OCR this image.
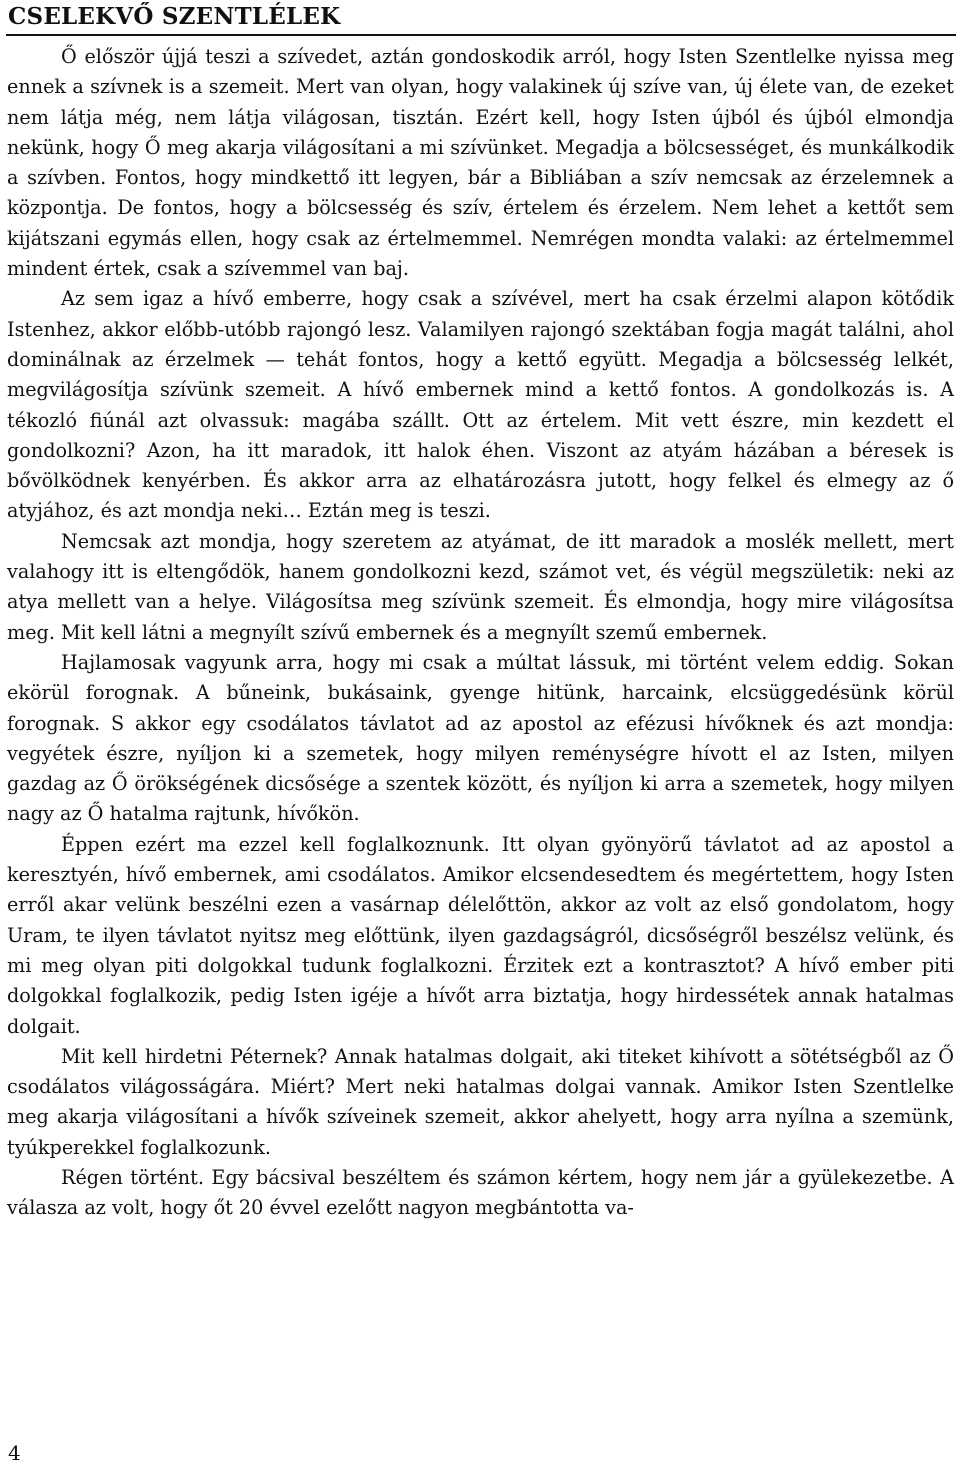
CSELEKVŐ SZENTLÉLEK

Ő először újjá teszi a szívedet, aztán gondoskodik arról, hogy Isten Szentlelke nyissa meg ennek a szívnek is a szemeit. Mert van olyan, hogy valakinek új szíve van, új élete van, de ezeket nem látja még, nem látja világosan, tisztán. Ezért kell, hogy Isten újból és újból elmondja nekünk, hogy Ő meg akarja világosítani a mi szívünket. Megadja a bölcsességet, és munkálkodik a szívben. Fontos, hogy mindkettő itt legyen, bár a Bibliában a szív nemcsak az érzelemnek a központja. De fontos, hogy a bölcsesség és szív, értelem és érzelem. Nem lehet a kettőt sem kijátszani egymás ellen, hogy csak az értelmemmel. Nemrégen mondta valaki: az értelmemmel mindent értek, csak a szívemmel van baj.

Az sem igaz a hívő emberre, hogy csak a szívével, mert ha csak érzelmi alapon kötődik Istenhez, akkor előbb-utóbb rajongó lesz. Valamilyen rajongó szektában fogja magát találni, ahol dominálnak az érzelmek — tehát fontos, hogy a kettő együtt. Megadja a bölcsesség lelkét, megvilágosítja szívünk szemeit. A hívő embernek mind a kettő fontos. A gondolkozás is. A tékozló fiúnál azt olvassuk: magába szállt. Ott az értelem. Mit vett észre, min kezdett el gondolkozni? Azon, ha itt maradok, itt halok éhen. Viszont az atyám házában a béresek is bővölködnek kenyérben. És akkor arra az elhatározásra jutott, hogy felkel és elmegy az ő atyjához, és azt mondja neki… Eztán meg is teszi.

Nemcsak azt mondja, hogy szeretem az atyámat, de itt maradok a moslék mellett, mert valahogy itt is eltengődök, hanem gondolkozni kezd, számot vet, és végül megszületik: neki az atya mellett van a helye. Világosítsa meg szívünk szemeit. És elmondja, hogy mire világosítsa meg. Mit kell látni a megnyílt szívű embernek és a megnyílt szemű embernek.

Hajlamosak vagyunk arra, hogy mi csak a múltat lássuk, mi történt velem eddig. Sokan ekörül forognak. A bűneink, bukásaink, gyenge hitünk, harcaink, elcsüggedésünk körül forognak. S akkor egy csodálatos távlatot ad az apostol az efézusi hívőknek és azt mondja: vegyétek észre, nyíljon ki a szemetek, hogy milyen reménységre hívott el az Isten, milyen gazdag az Ő örökségének dicsősége a szentek között, és nyíljon ki arra a szemetek, hogy milyen nagy az Ő hatalma rajtunk, hívőkön.

Éppen ezért ma ezzel kell foglalkoznunk. Itt olyan gyönyörű távlatot ad az apostol a keresztyén, hívő embernek, ami csodálatos. Amikor elcsendesedtem és megértettem, hogy Isten erről akar velünk beszélni ezen a vasárnap délelőttön, akkor az volt az első gondolatom, hogy Uram, te ilyen távlatot nyitsz meg előttünk, ilyen gazdagságról, dicsőségről beszélsz velünk, és mi meg olyan piti dolgokkal tudunk foglalkozni. Érzitek ezt a kontrasztot? A hívő ember piti dolgokkal foglalkozik, pedig Isten igéje a hívőt arra biztatja, hogy hirdessétek annak hatalmas dolgait.

Mit kell hirdetni Péternek? Annak hatalmas dolgait, aki titeket kihívott a sötétségből az Ő csodálatos világosságára. Miért? Mert neki hatalmas dolgai vannak. Amikor Isten Szentlelke meg akarja világosítani a hívők szíveinek szemeit, akkor ahelyett, hogy arra nyílna a szemünk, tyúkperekkel foglalkozunk.

Régen történt. Egy bácsival beszéltem és számon kértem, hogy nem jár a gyülekezetbe. A válasza az volt, hogy őt 20 évvel ezelőtt nagyon megbántotta va-

4
